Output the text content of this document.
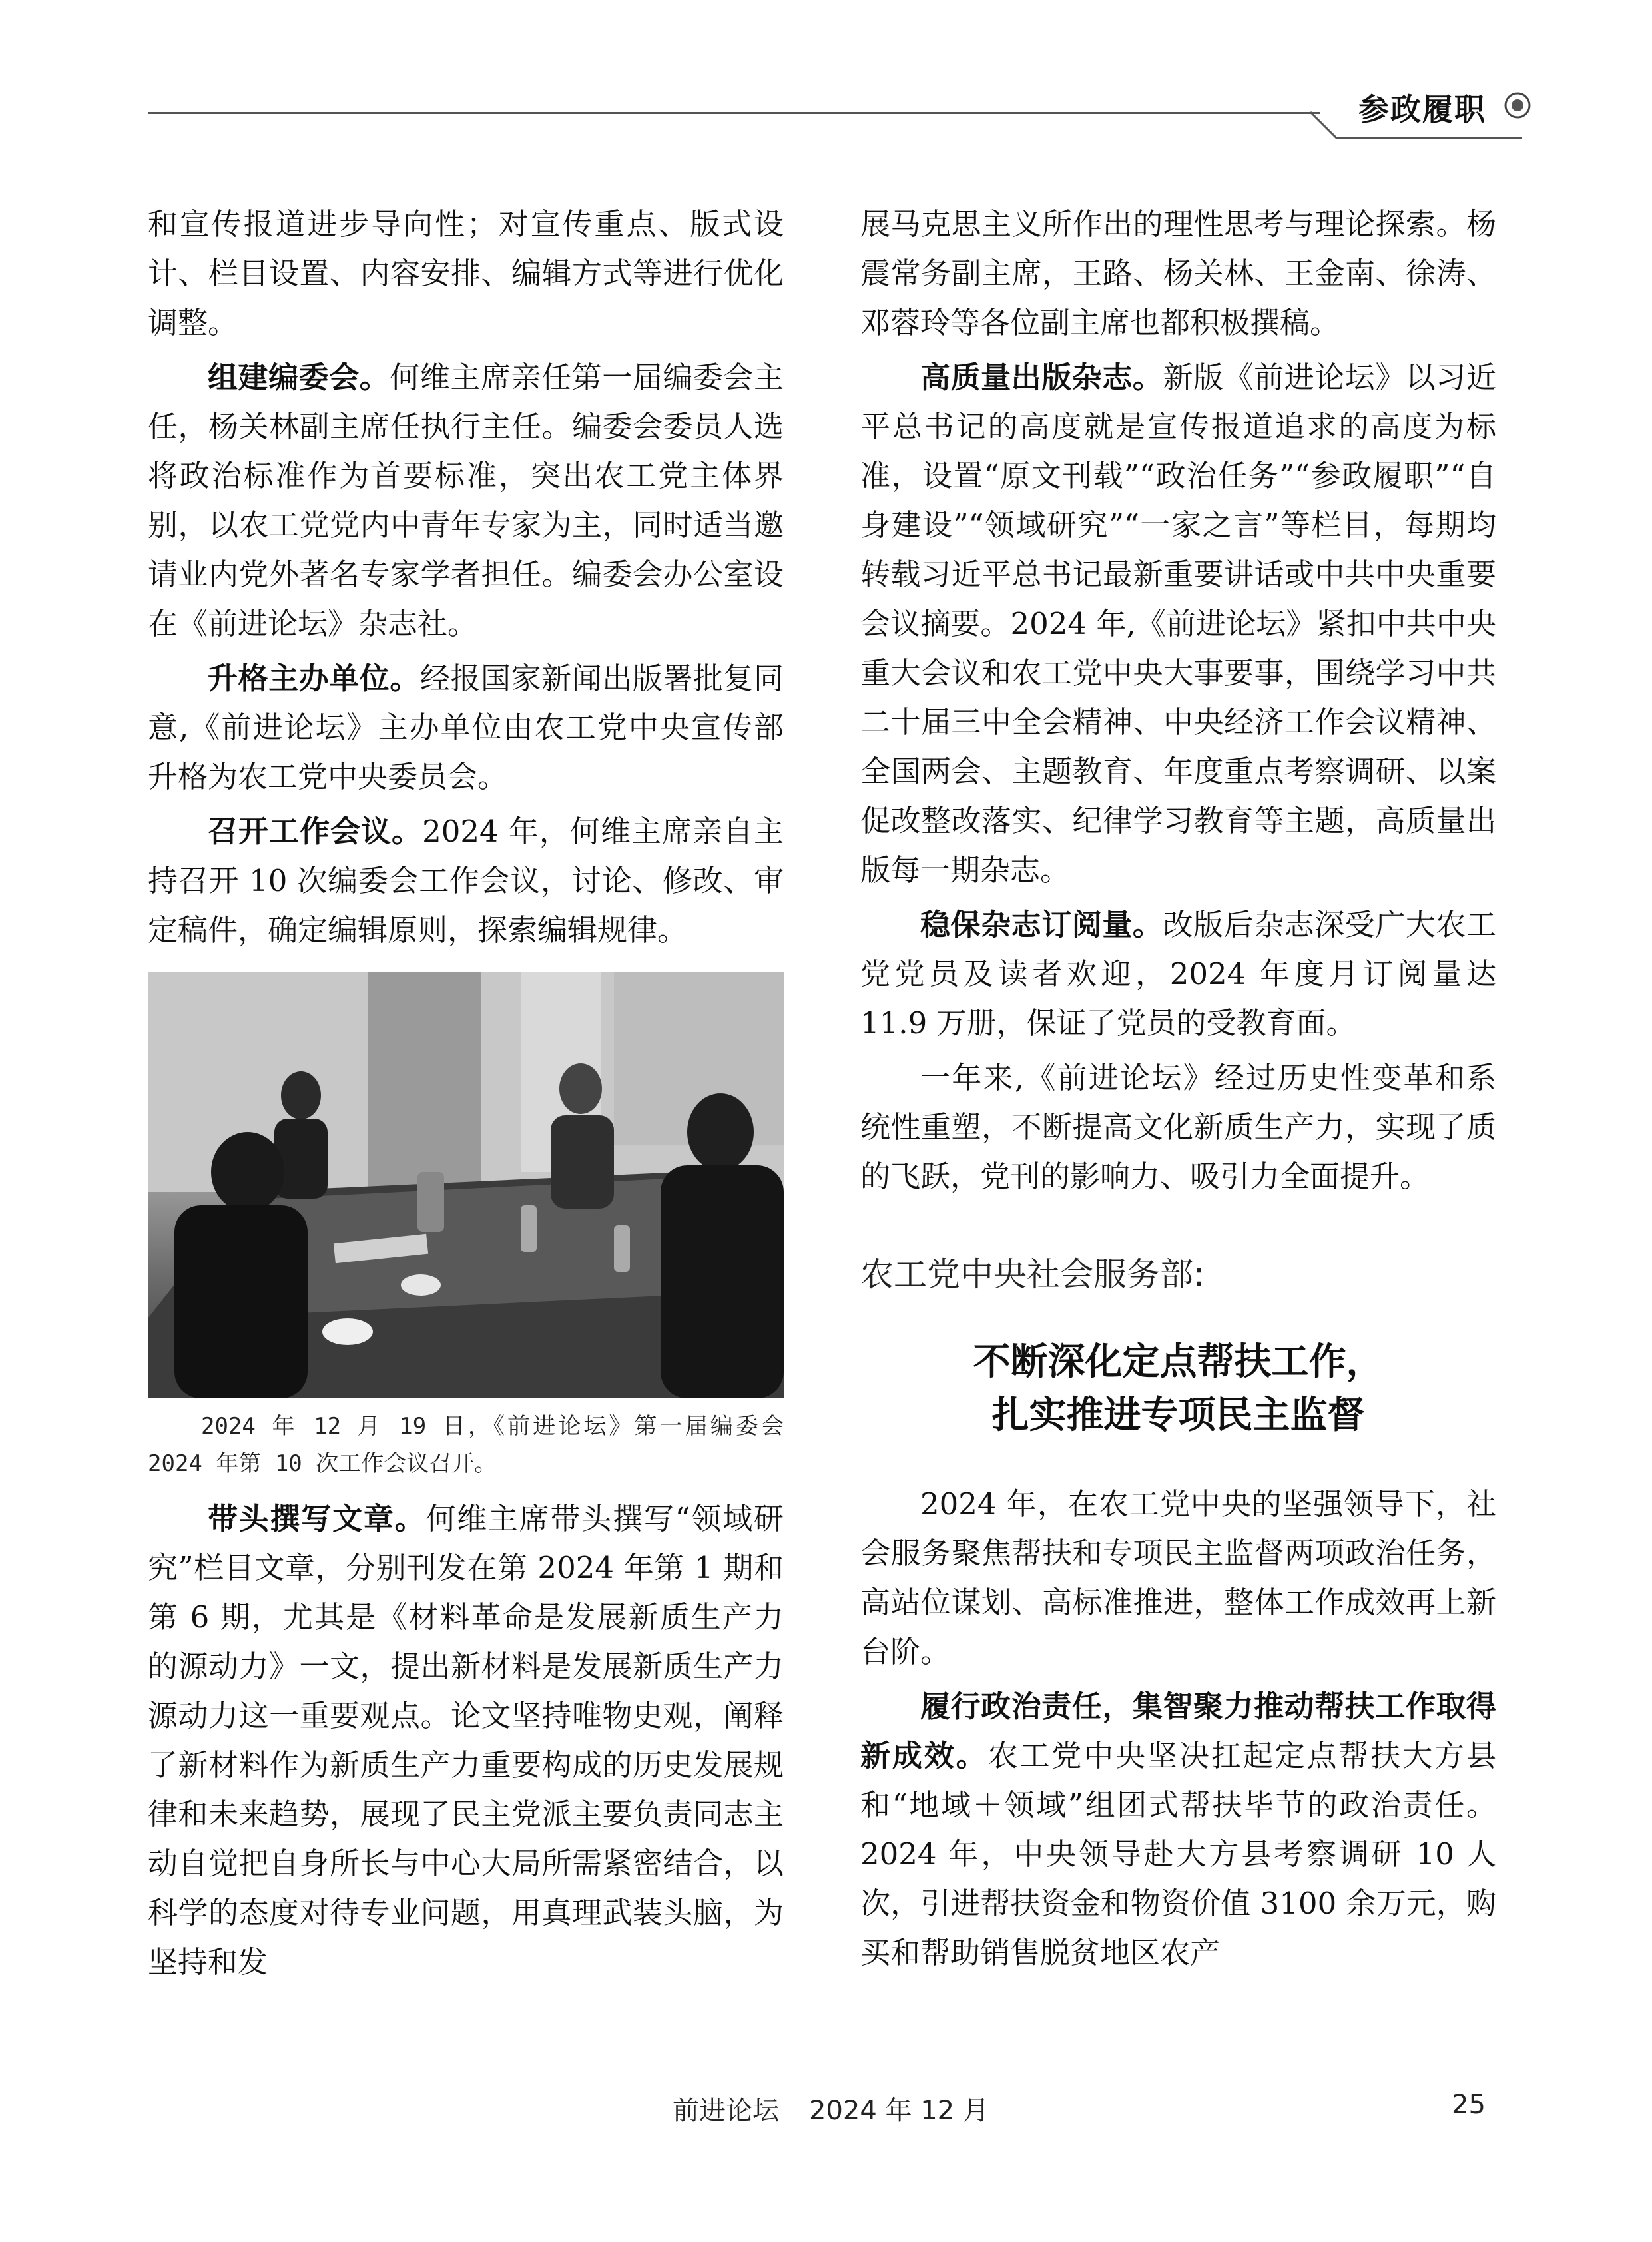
参政履职

和宣传报道进步导向性；对宣传重点、版式设计、栏目设置、内容安排、编辑方式等进行优化调整。

组建编委会。何维主席亲任第一届编委会主任，杨关林副主席任执行主任。编委会委员人选将政治标准作为首要标准，突出农工党主体界别，以农工党党内中青年专家为主，同时适当邀请业内党外著名专家学者担任。编委会办公室设在《前进论坛》杂志社。

升格主办单位。经报国家新闻出版署批复同意,《前进论坛》主办单位由农工党中央宣传部升格为农工党中央委员会。

召开工作会议。2024 年，何维主席亲自主持召开 10 次编委会工作会议，讨论、修改、审定稿件，确定编辑原则，探索编辑规律。

2024 年 12 月 19 日，《前进论坛》第一届编委会 2024 年第 10 次工作会议召开。

带头撰写文章。何维主席带头撰写“领域研究”栏目文章，分别刊发在第 2024 年第 1 期和第 6 期，尤其是《材料革命是发展新质生产力的源动力》一文，提出新材料是发展新质生产力源动力这一重要观点。论文坚持唯物史观，阐释了新材料作为新质生产力重要构成的历史发展规律和未来趋势，展现了民主党派主要负责同志主动自觉把自身所长与中心大局所需紧密结合，以科学的态度对待专业问题，用真理武装头脑，为坚持和发

展马克思主义所作出的理性思考与理论探索。杨震常务副主席，王路、杨关林、王金南、徐涛、邓蓉玲等各位副主席也都积极撰稿。

高质量出版杂志。新版《前进论坛》以习近平总书记的高度就是宣传报道追求的高度为标准，设置“原文刊载”“政治任务”“参政履职”“自身建设”“领域研究”“一家之言”等栏目，每期均转载习近平总书记最新重要讲话或中共中央重要会议摘要。2024 年,《前进论坛》紧扣中共中央重大会议和农工党中央大事要事，围绕学习中共二十届三中全会精神、中央经济工作会议精神、全国两会、主题教育、年度重点考察调研、以案促改整改落实、纪律学习教育等主题，高质量出版每一期杂志。

稳保杂志订阅量。改版后杂志深受广大农工党党员及读者欢迎，2024 年度月订阅量达 11.9 万册，保证了党员的受教育面。

一年来,《前进论坛》经过历史性变革和系统性重塑，不断提高文化新质生产力，实现了质的飞跃，党刊的影响力、吸引力全面提升。

农工党中央社会服务部:
不断深化定点帮扶工作，
扎实推进专项民主监督

2024 年，在农工党中央的坚强领导下，社会服务聚焦帮扶和专项民主监督两项政治任务，高站位谋划、高标准推进，整体工作成效再上新台阶。

履行政治责任，集智聚力推动帮扶工作取得新成效。农工党中央坚决扛起定点帮扶大方县和“地域＋领域”组团式帮扶毕节的政治责任。2024 年，中央领导赴大方县考察调研 10 人次，引进帮扶资金和物资价值 3100 余万元，购买和帮助销售脱贫地区农产

前进论坛 2024 年 12 月	25
